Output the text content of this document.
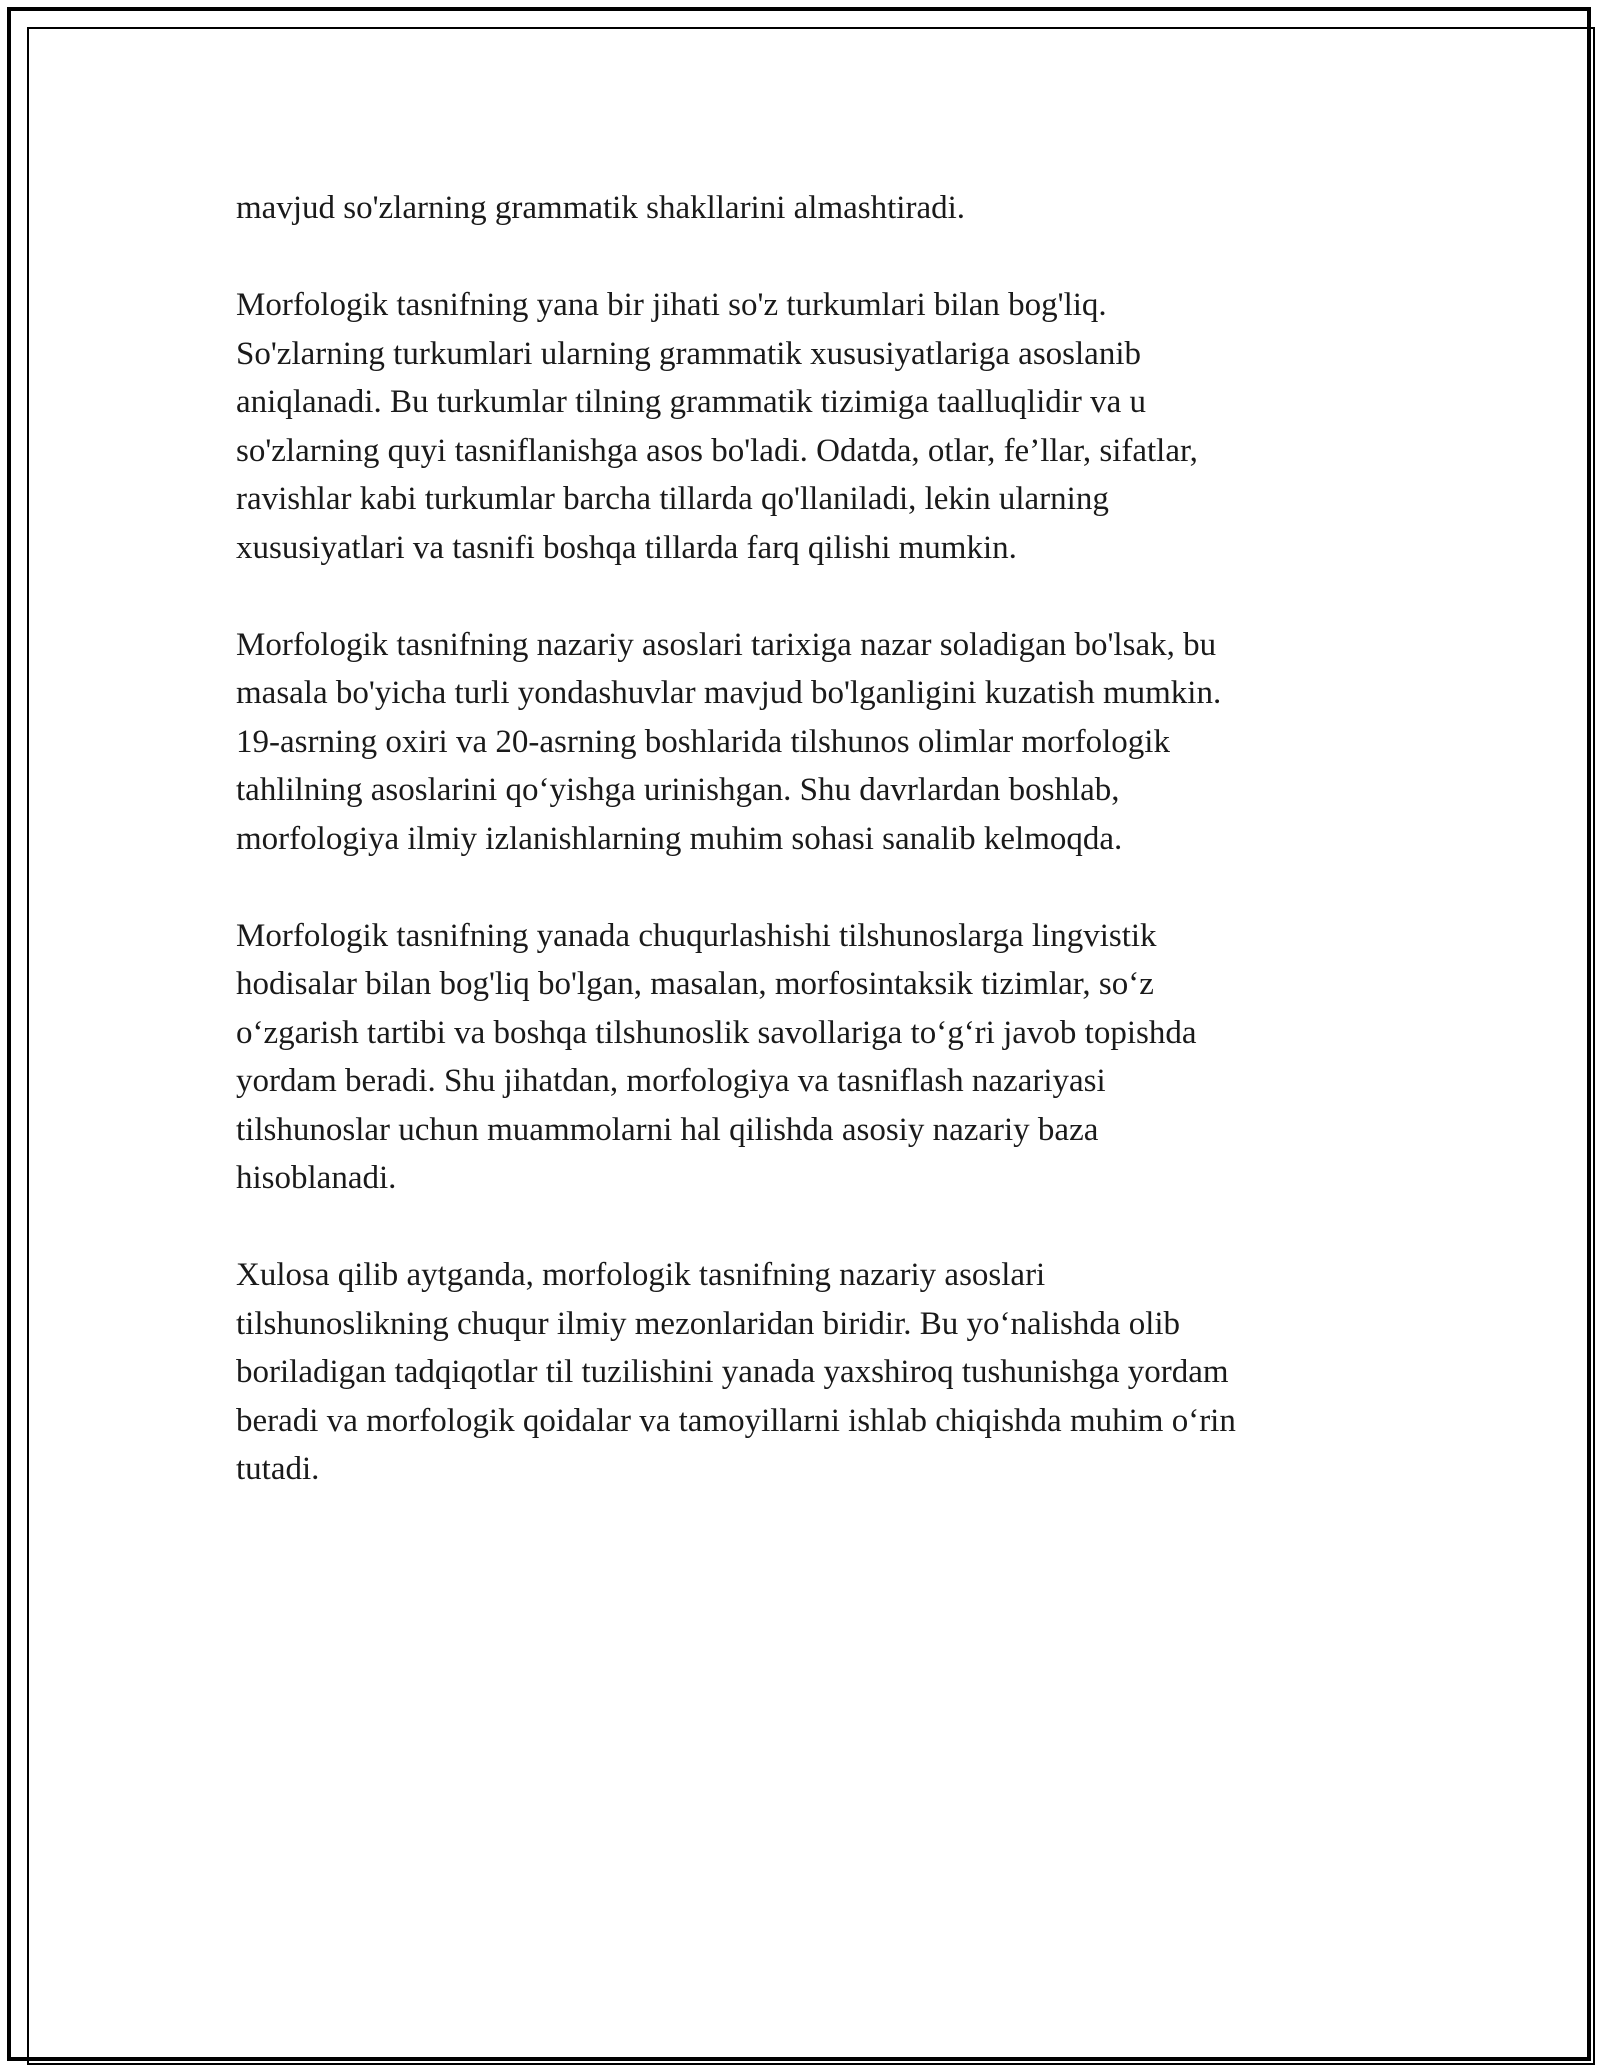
mavjud so'zlarning grammatik shakllarini almashtiradi.

Morfologik tasnifning yana bir jihati so'z turkumlari bilan bog'liq.
So'zlarning turkumlari ularning grammatik xususiyatlariga asoslanib
aniqlanadi. Bu turkumlar tilning grammatik tizimiga taalluqlidir va u
so'zlarning quyi tasniflanishga asos bo'ladi. Odatda, otlar, fe’llar, sifatlar,
ravishlar kabi turkumlar barcha tillarda qo'llaniladi, lekin ularning
xususiyatlari va tasnifi boshqa tillarda farq qilishi mumkin.

Morfologik tasnifning nazariy asoslari tarixiga nazar soladigan bo'lsak, bu
masala bo'yicha turli yondashuvlar mavjud bo'lganligini kuzatish mumkin.
19-asrning oxiri va 20-asrning boshlarida tilshunos olimlar morfologik
tahlilning asoslarini qo‘yishga urinishgan. Shu davrlardan boshlab,
morfologiya ilmiy izlanishlarning muhim sohasi sanalib kelmoqda.

Morfologik tasnifning yanada chuqurlashishi tilshunoslarga lingvistik
hodisalar bilan bog'liq bo'lgan, masalan, morfosintaksik tizimlar, so‘z
o‘zgarish tartibi va boshqa tilshunoslik savollariga to‘g‘ri javob topishda
yordam beradi. Shu jihatdan, morfologiya va tasniflash nazariyasi
tilshunoslar uchun muammolarni hal qilishda asosiy nazariy baza
hisoblanadi.

Xulosa qilib aytganda, morfologik tasnifning nazariy asoslari
tilshunoslikning chuqur ilmiy mezonlaridan biridir. Bu yo‘nalishda olib
boriladigan tadqiqotlar til tuzilishini yanada yaxshiroq tushunishga yordam
beradi va morfologik qoidalar va tamoyillarni ishlab chiqishda muhim o‘rin
tutadi.
